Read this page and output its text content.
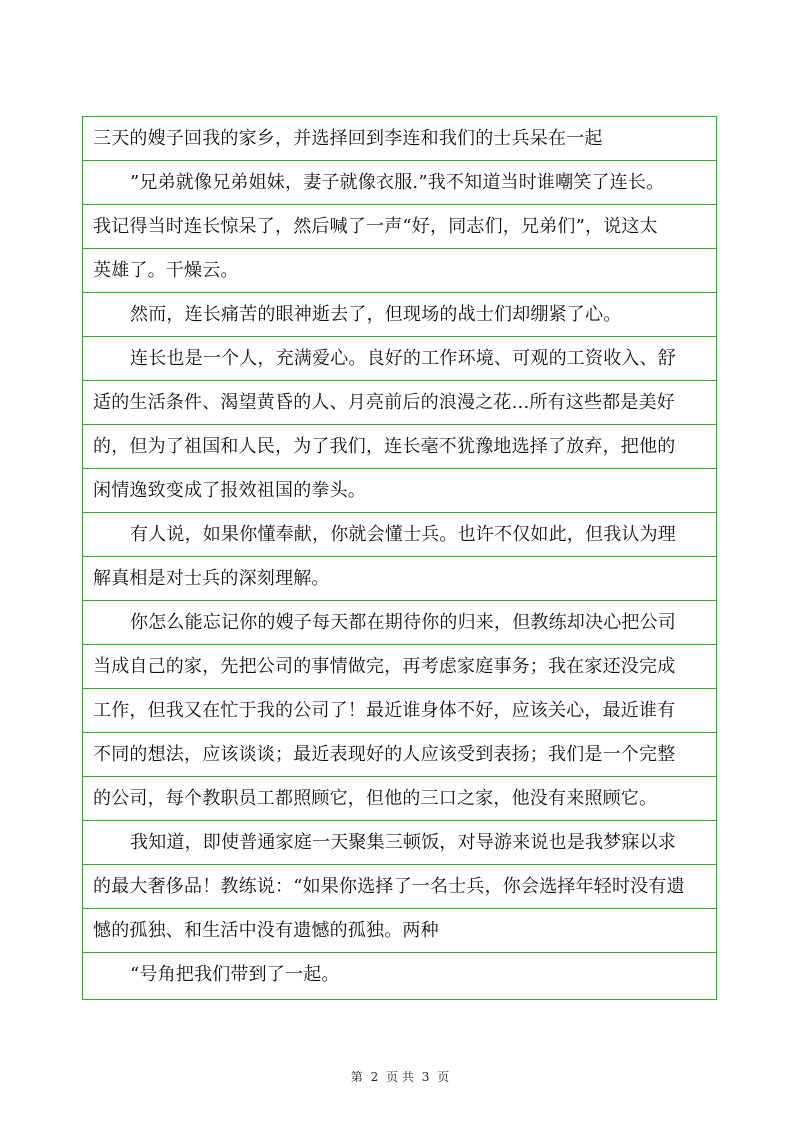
三天的嫂子回我的家乡，并选择回到李连和我们的士兵呆在一起
”兄弟就像兄弟姐妹，妻子就像衣服.”我不知道当时谁嘲笑了连长。
我记得当时连长惊呆了，然后喊了一声“好，同志们，兄弟们”，说这太
英雄了。干燥云。
然而，连长痛苦的眼神逝去了，但现场的战士们却绷紧了心。
连长也是一个人，充满爱心。良好的工作环境、可观的工资收入、舒
适的生活条件、渴望黄昏的人、月亮前后的浪漫之花...所有这些都是美好
的，但为了祖国和人民，为了我们，连长毫不犹豫地选择了放弃，把他的
闲情逸致变成了报效祖国的拳头。
有人说，如果你懂奉献，你就会懂士兵。也许不仅如此，但我认为理
解真相是对士兵的深刻理解。
你怎么能忘记你的嫂子每天都在期待你的归来，但教练却决心把公司
当成自己的家，先把公司的事情做完，再考虑家庭事务；我在家还没完成
工作，但我又在忙于我的公司了！最近谁身体不好，应该关心，最近谁有
不同的想法，应该谈谈；最近表现好的人应该受到表扬；我们是一个完整
的公司，每个教职员工都照顾它，但他的三口之家，他没有来照顾它。
我知道，即使普通家庭一天聚集三顿饭，对导游来说也是我梦寐以求
的最大奢侈品！教练说：“如果你选择了一名士兵，你会选择年轻时没有遗
憾的孤独、和生活中没有遗憾的孤独。两种
“号角把我们带到了一起。
第 2 页 共 3 页
